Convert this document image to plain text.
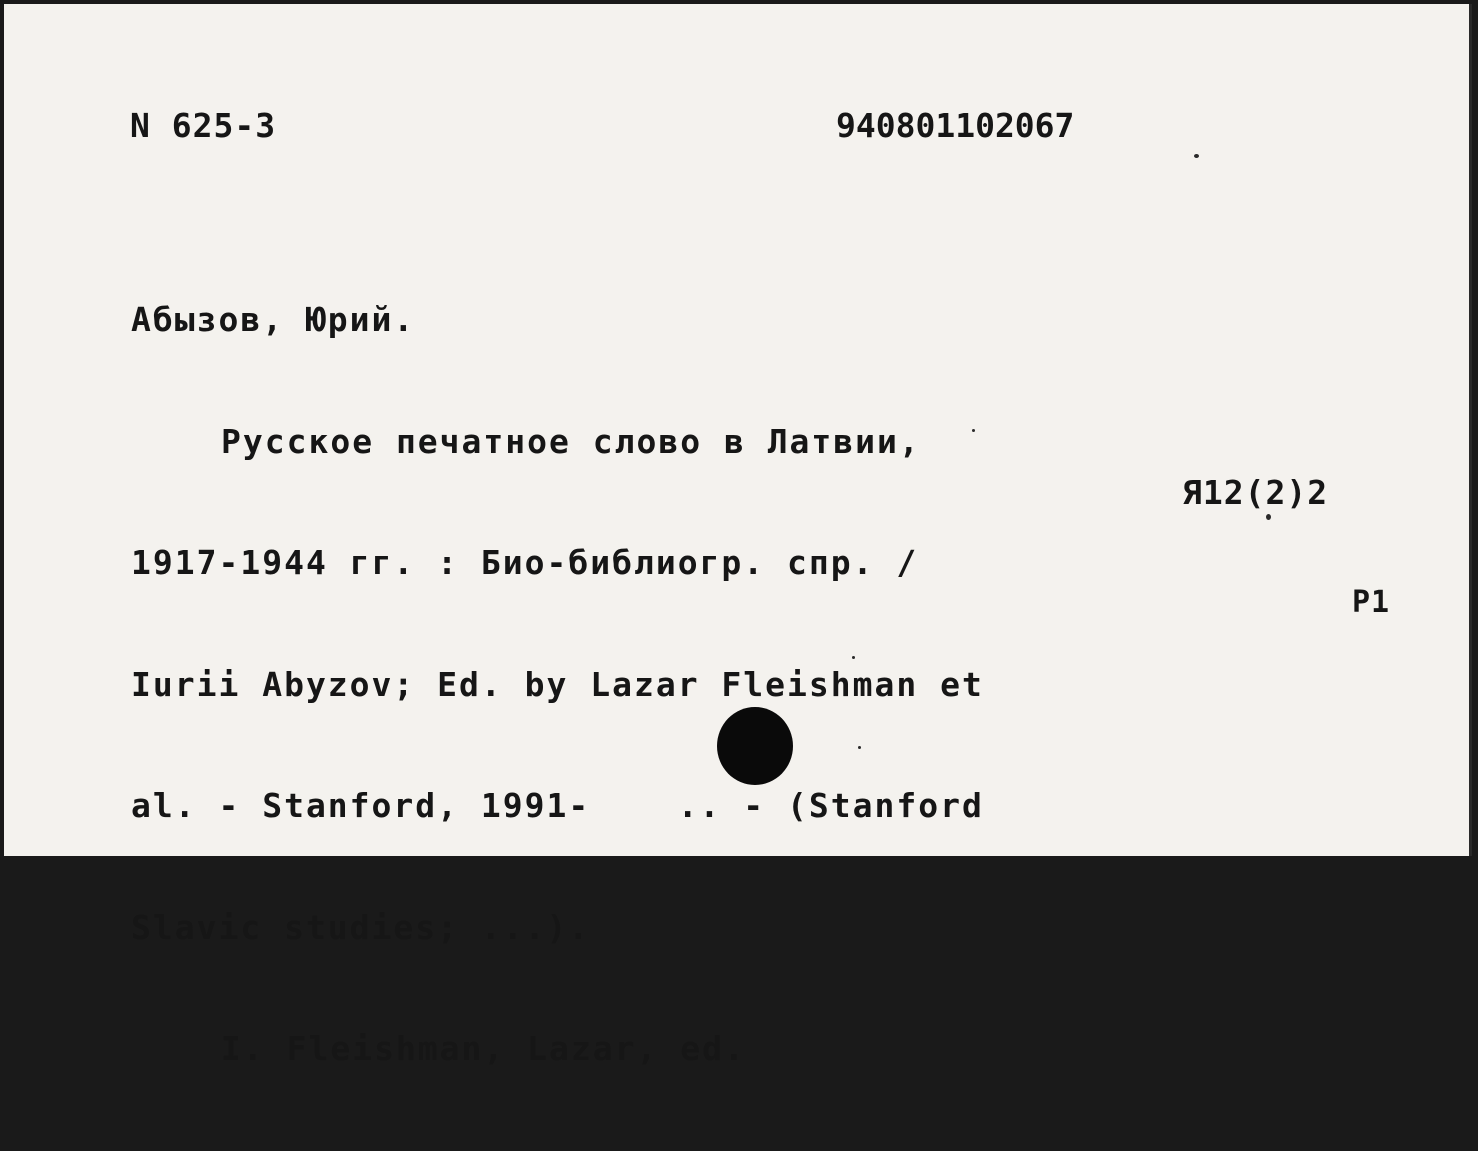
N 625-3	940801102067

Абызов, Юрий.

Русское печатное слово в Латвии,

1917-1944 гг. : Био-библиогр. спр. /

Iurii Abyzov; Ed. by Lazar Fleishman et

al. - Stanford, 1991-    .. - (Stanford

Slavic studies; ...).

I. Fleishman, Lazar, ed.

Я12(2)2

P1
